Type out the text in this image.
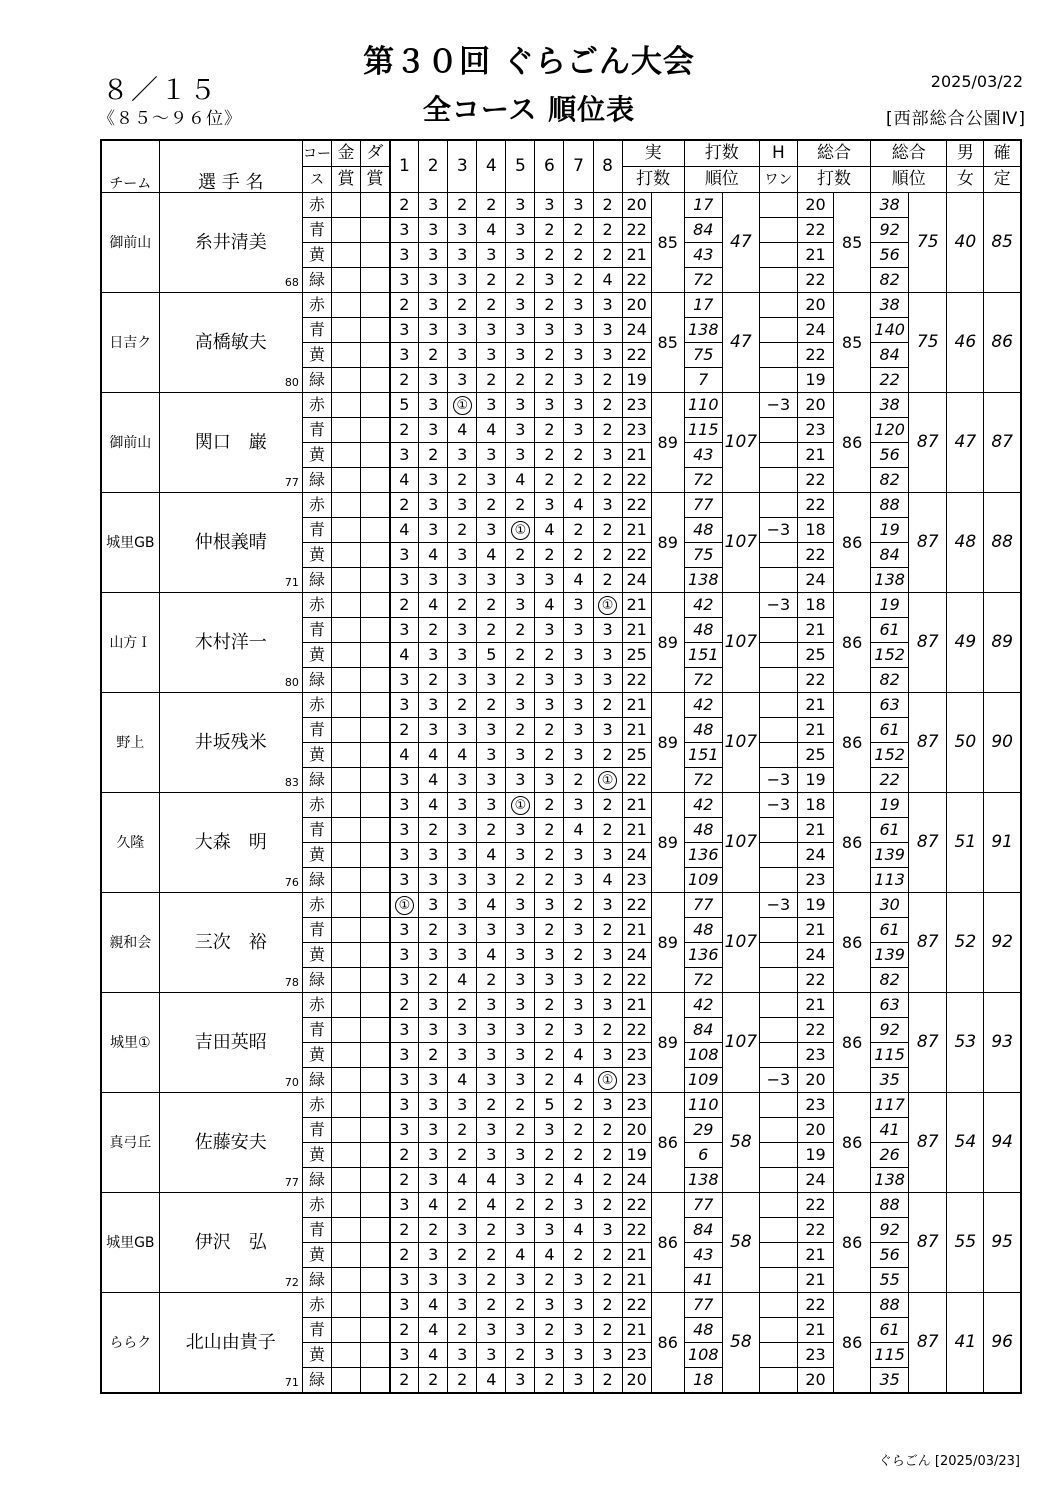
第３０回 ぐらごん大会
全コース 順位表
８／１５
《８５～９６位》
2025/03/22
[西部総合公園Ⅳ]
チーム	選 手 名	コー	金	ダ	1	2	3	4	5	6	7	8	実		打数		H	総合		総合		男	確
		ス	賞	賞									打数		順位		ワン	打数		順位		女	定
御前山	糸井清美
68	赤			2	3	2	2	3	3	3	2	20	85	17	47		20	85	38	75	40	85
		青			3	3	3	4	3	2	2	2	22		84			22		92			
		黄			3	3	3	3	3	2	2	2	21		43			21		56			
		緑			3	3	3	2	2	3	2	4	22		72			22		82			
日吉ク	高橋敏夫
80	赤			2	3	2	2	3	2	3	3	20	85	17	47		20	85	38	75	46	86
		青			3	3	3	3	3	3	3	3	24		138			24		140			
		黄			3	2	3	3	3	2	3	3	22		75			22		84			
		緑			2	3	3	2	2	2	3	2	19		7			19		22			
御前山	関口　巌
77	赤			5	3	①	3	3	3	3	2	23	89	110	107	−3	20	86	38	87	47	87
		青			2	3	4	4	3	2	3	2	23		115			23		120			
		黄			3	2	3	3	3	2	2	3	21		43			21		56			
		緑			4	3	2	3	4	2	2	2	22		72			22		82			
城里GB	仲根義晴
71	赤			2	3	3	2	2	3	4	3	22	89	77	107		22	86	88	87	48	88
		青			4	3	2	3	①	4	2	2	21		48		−3	18		19			
		黄			3	4	3	4	2	2	2	2	22		75			22		84			
		緑			3	3	3	3	3	3	4	2	24		138			24		138			
山方Ｉ	木村洋一
80	赤			2	4	2	2	3	4	3	①	21	89	42	107	−3	18	86	19	87	49	89
		青			3	2	3	2	2	3	3	3	21		48			21		61			
		黄			4	3	3	5	2	2	3	3	25		151			25		152			
		緑			3	2	3	3	2	3	3	3	22		72			22		82			
野上	井坂残米
83	赤			3	3	2	2	3	3	3	2	21	89	42	107		21	86	63	87	50	90
		青			2	3	3	3	2	2	3	3	21		48			21		61			
		黄			4	4	4	3	3	2	3	2	25		151			25		152			
		緑			3	4	3	3	3	3	2	①	22		72		−3	19		22			
久隆	大森　明
76	赤			3	4	3	3	①	2	3	2	21	89	42	107	−3	18	86	19	87	51	91
		青			3	2	3	2	3	2	4	2	21		48			21		61			
		黄			3	3	3	4	3	2	3	3	24		136			24		139			
		緑			3	3	3	3	2	2	3	4	23		109			23		113			
親和会	三次　裕
78	赤			①	3	3	4	3	3	2	3	22	89	77	107	−3	19	86	30	87	52	92
		青			3	2	3	3	3	2	3	2	21		48			21		61			
		黄			3	3	3	4	3	3	2	3	24		136			24		139			
		緑			3	2	4	2	3	3	3	2	22		72			22		82			
城里①	吉田英昭
70	赤			2	3	2	3	3	2	3	3	21	89	42	107		21	86	63	87	53	93
		青			3	3	3	3	3	2	3	2	22		84			22		92			
		黄			3	2	3	3	3	2	4	3	23		108			23		115			
		緑			3	3	4	3	3	2	4	①	23		109		−3	20		35			
真弓丘	佐藤安夫
77	赤			3	3	3	2	2	5	2	3	23	86	110	58		23	86	117	87	54	94
		青			3	3	2	3	2	3	2	2	20		29			20		41			
		黄			2	3	2	3	3	2	2	2	19		6			19		26			
		緑			2	3	4	4	3	2	4	2	24		138			24		138			
城里GB	伊沢　弘
72	赤			3	4	2	4	2	2	3	2	22	86	77	58		22	86	88	87	55	95
		青			2	2	3	2	3	3	4	3	22		84			22		92			
		黄			2	3	2	2	4	4	2	2	21		43			21		56			
		緑			3	3	3	2	3	2	3	2	21		41			21		55			
ららク	北山由貴子
71	赤			3	4	3	2	2	3	3	2	22	86	77	58		22	86	88	87	41	96
		青			2	4	2	3	3	2	3	2	21		48			21		61			
		黄			3	4	3	3	2	3	3	3	23		108			23		115			
		緑			2	2	2	4	3	2	3	2	20		18			20		35			
ぐらごん [2025/03/23]
